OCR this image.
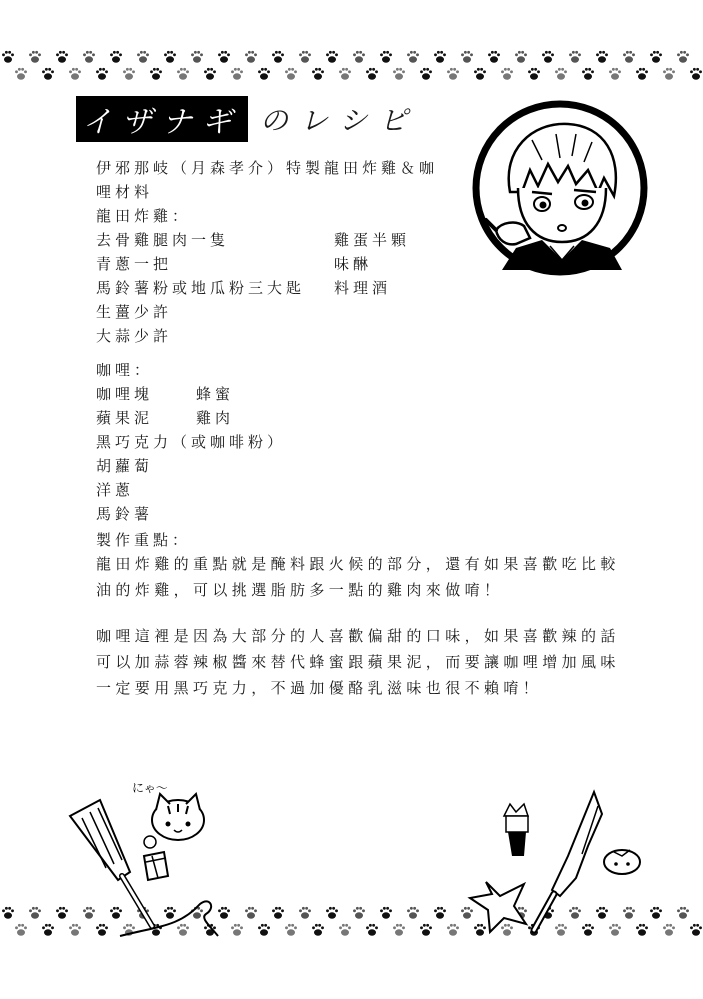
イザナギ のレシピ
伊邪那岐（月森孝介）特製龍田炸雞＆咖
哩材料
龍田炸雞：
去骨雞腿肉一隻
青蔥一把
馬鈴薯粉或地瓜粉三大匙
生薑少許
大蒜少許
雞蛋半顆
味醂
料理酒
咖哩：
咖哩塊
蘋果泥
黑巧克力（或咖啡粉）
胡蘿蔔
洋蔥
馬鈴薯
蜂蜜
雞肉
製作重點：
龍田炸雞的重點就是醃料跟火候的部分，還有如果喜歡吃比較油的炸雞，可以挑選脂肪多一點的雞肉來做唷！
咖哩這裡是因為大部分的人喜歡偏甜的口味，如果喜歡辣的話可以加蒜蓉辣椒醬來替代蜂蜜跟蘋果泥，而要讓咖哩增加風味一定要用黑巧克力，不過加優酪乳滋味也很不賴唷！
にゃ〜
